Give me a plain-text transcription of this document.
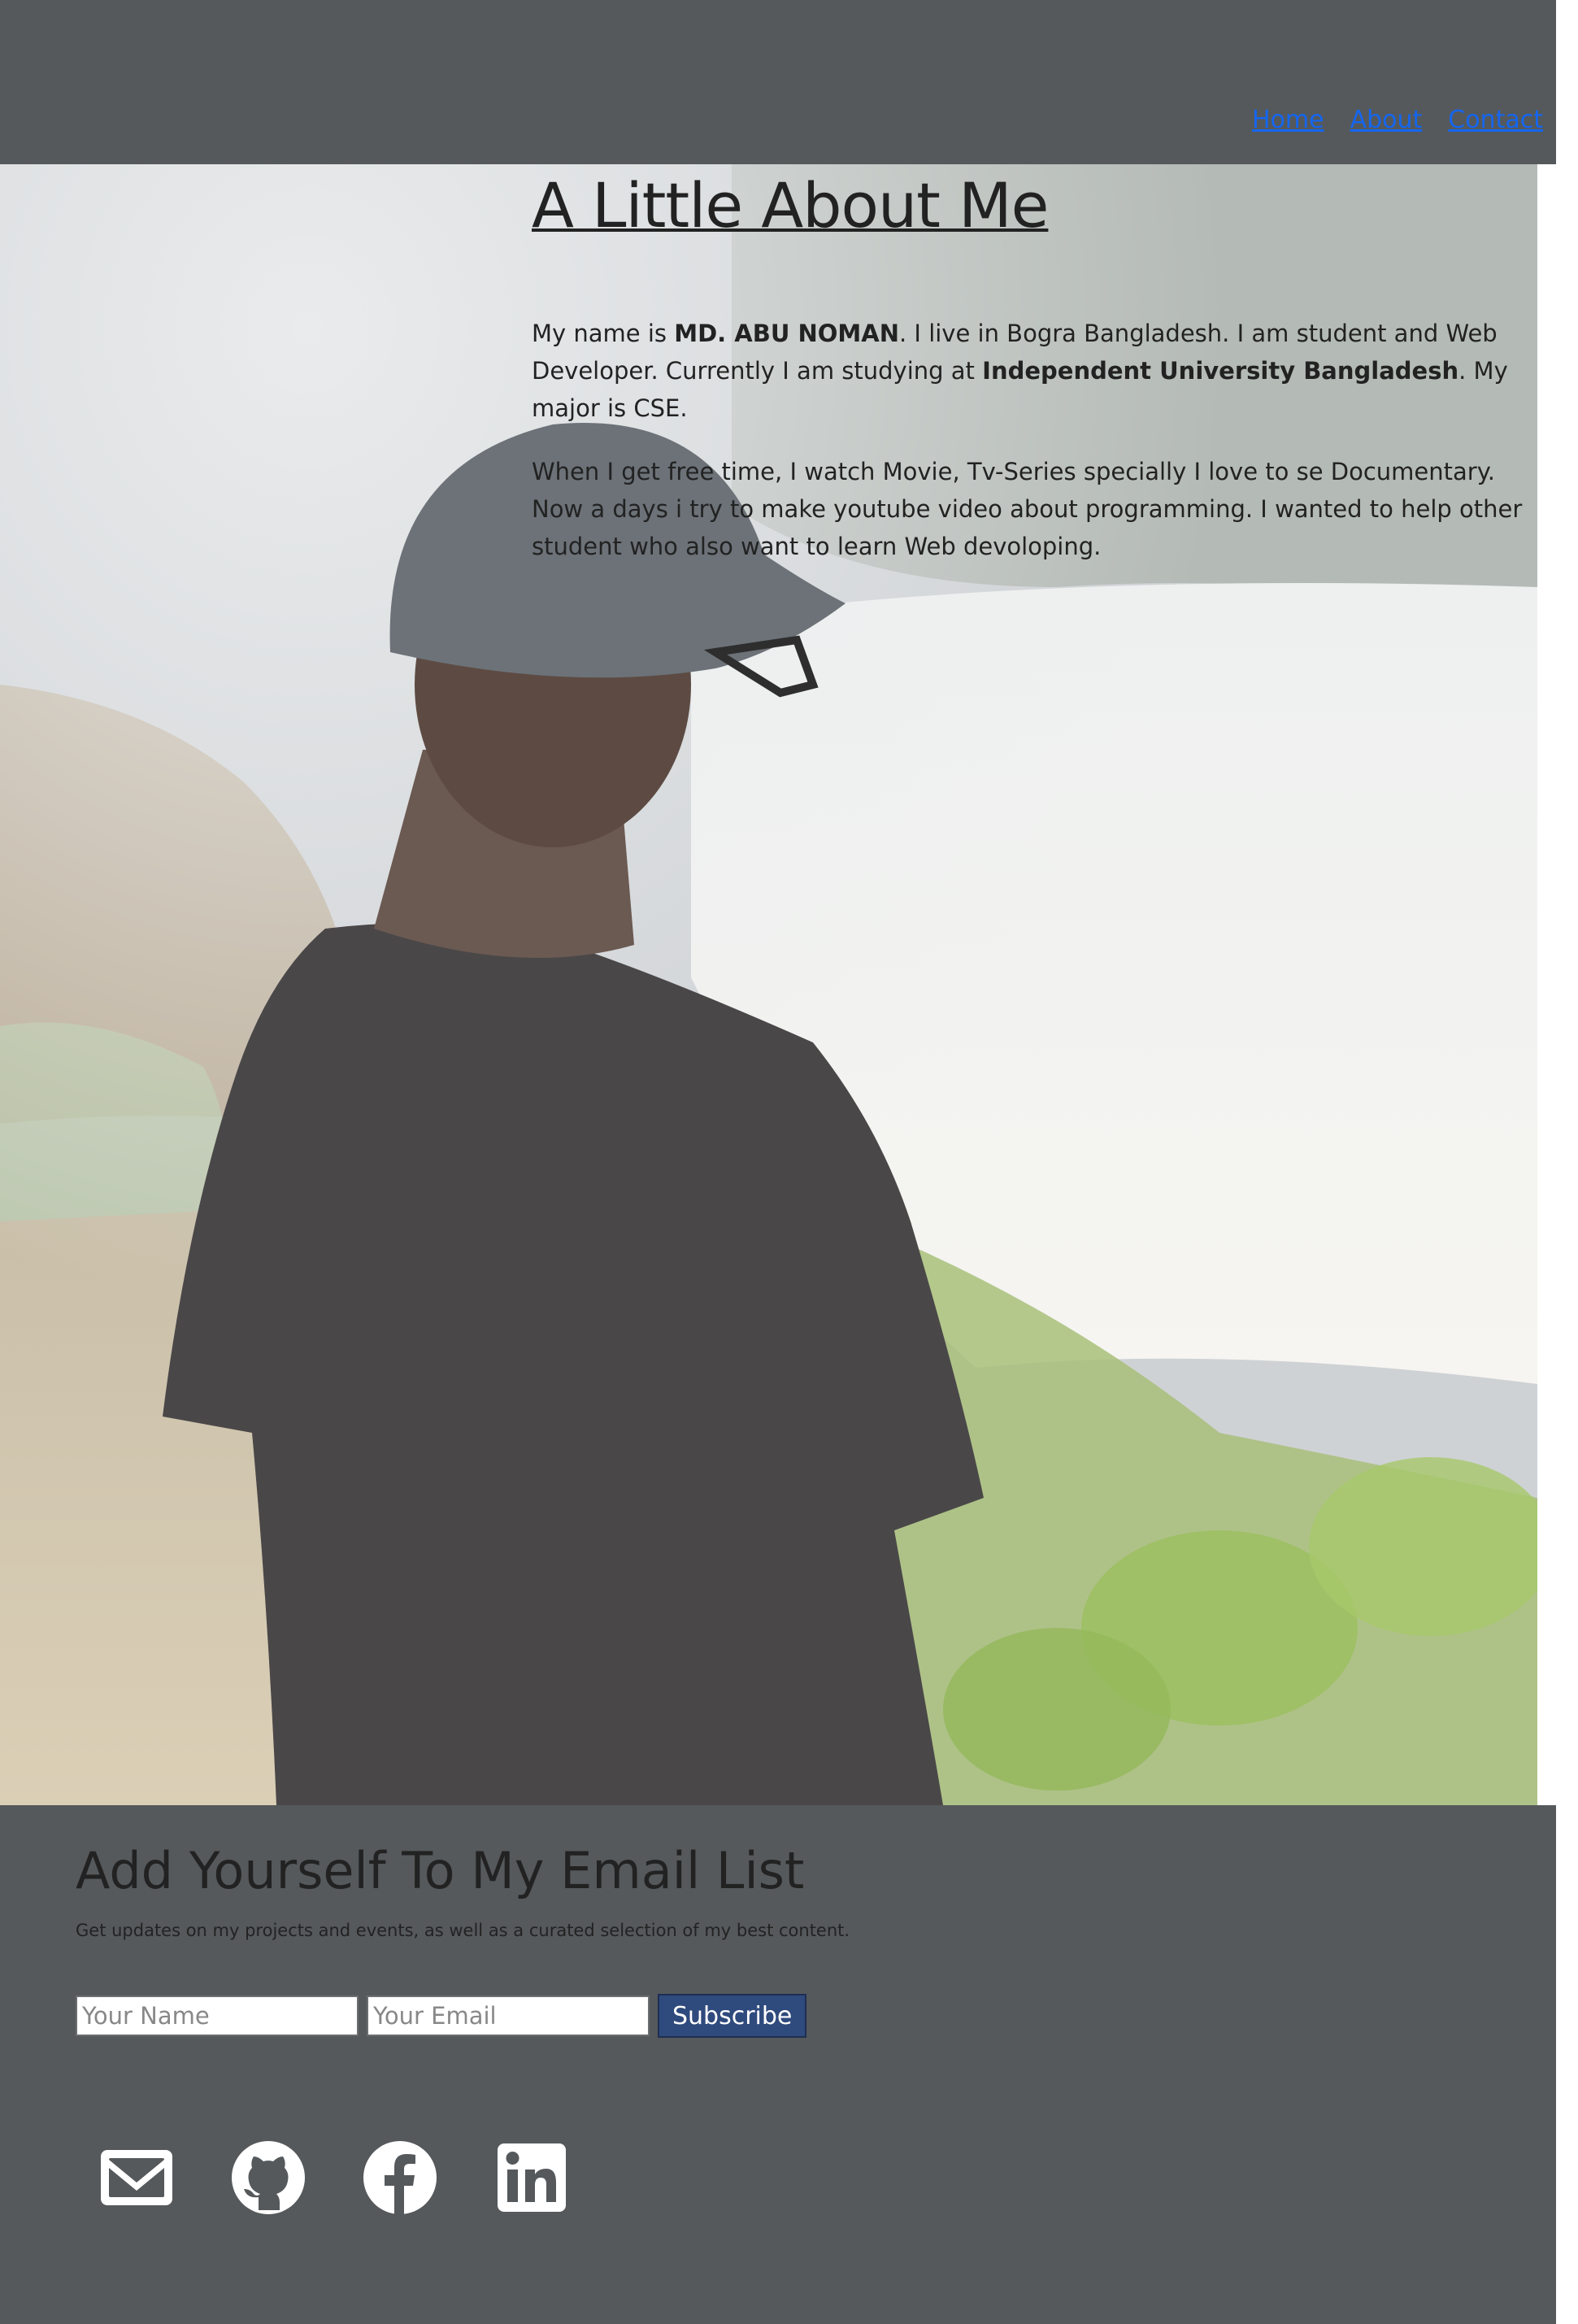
Home About Contact
A Little About Me

My name is MD. ABU NOMAN. I live in Bogra Bangladesh. I am student and Web Developer. Currently I am studying at Independent University Bangladesh. My major is CSE.

When I get free time, I watch Movie, Tv-Series specially I love to se Documentary. Now a days i try to make youtube video about programming. I wanted to help other student who also want to learn Web devoloping.

Add Yourself To My Email List
Get updates on my projects and events, as well as a curated selection of my best content.
Your Name
Your Email
Subscribe
